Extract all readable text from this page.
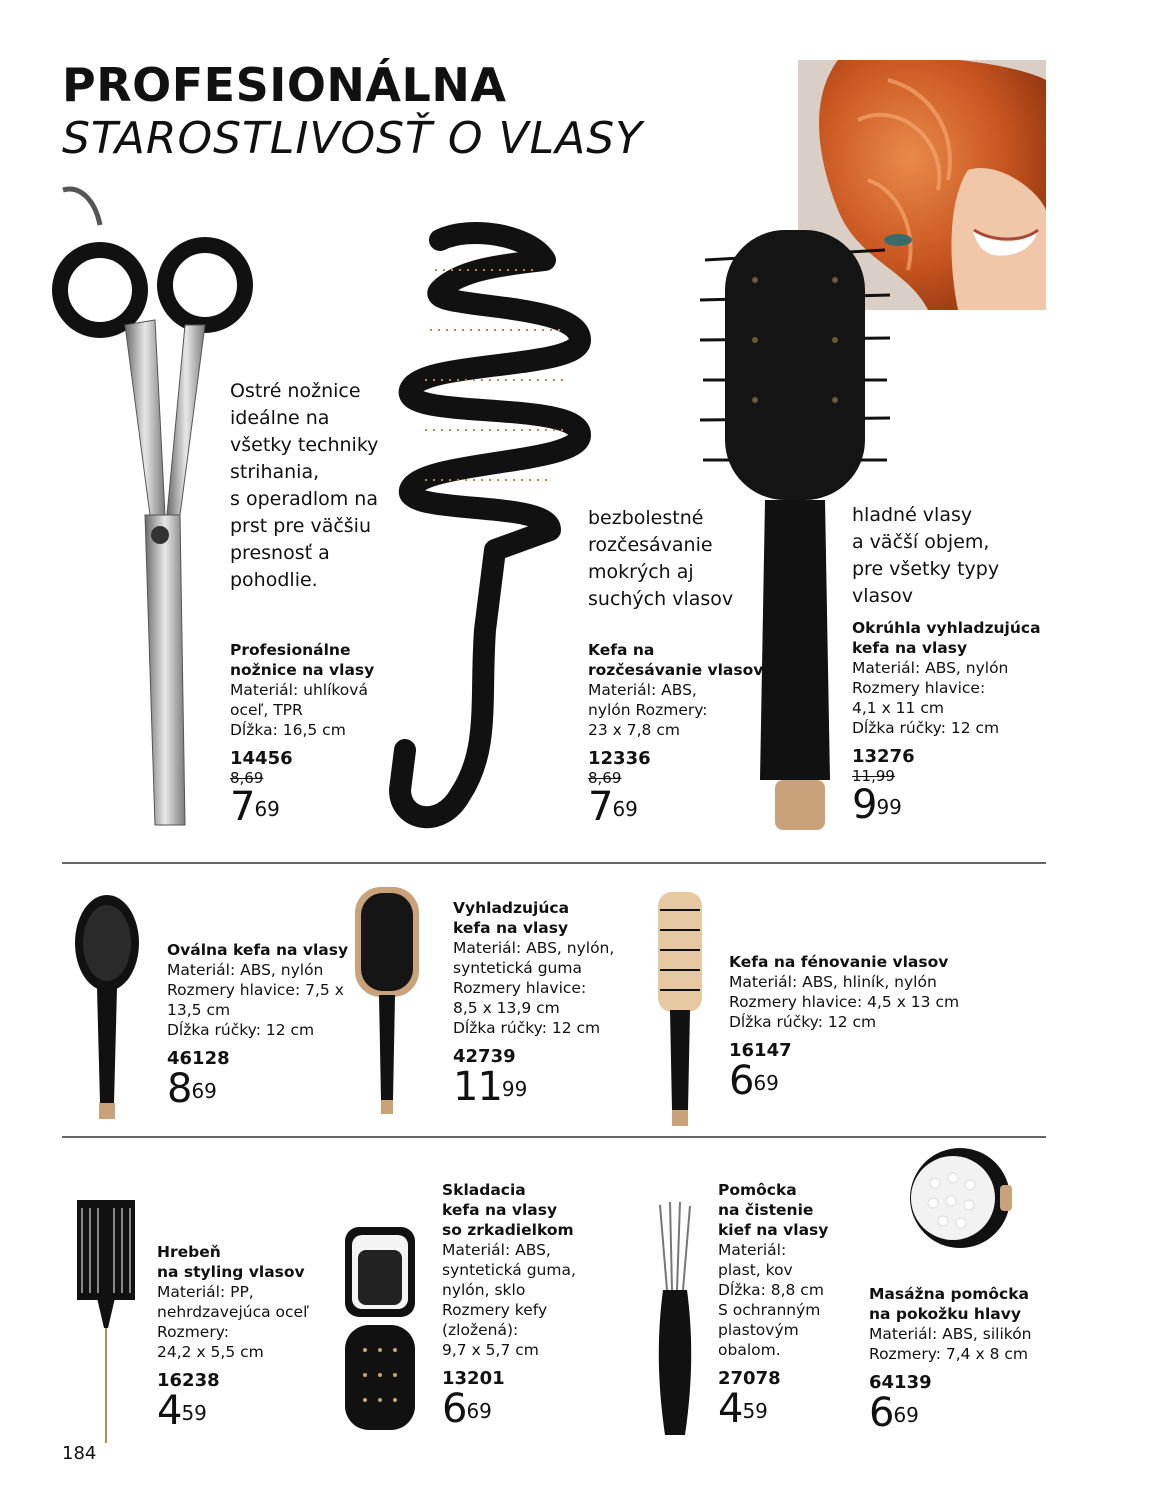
PROFESIONÁLNA
STAROSTLIVOSŤ O VLASY
Ostré nožnice
ideálne na
všetky techniky
strihania,
s operadlom na
prst pre väčšiu
presnosť a
pohodlie.
Profesionálne
nožnice na vlasy
Materiál: uhlíková
oceľ, TPR
Dĺžka: 16,5 cm
14456
8,69
$7^{69}$
bezbolestné
rozčesávanie
mokrých aj
suchých vlasov
Kefa na
rozčesávanie vlasov
Materiál: ABS,
nylón Rozmery:
23 x 7,8 cm
12336
8,69
$7^{69}$
hladné vlasy
a väčší objem,
pre všetky typy
vlasov
Okrúhla vyhladzujúca
kefa na vlasy
Materiál: ABS, nylón
Rozmery hlavice:
4,1 x 11 cm
Dĺžka rúčky: 12 cm
13276
11,99
$9^{99}$
Oválna kefa na vlasy
Materiál: ABS, nylón
Rozmery hlavice: 7,5 x
13,5 cm
Dĺžka rúčky: 12 cm
46128
$8^{69}$
Vyhladzujúca
kefa na vlasy
Materiál: ABS, nylón,
syntetická guma
Rozmery hlavice:
8,5 x 13,9 cm
Dĺžka rúčky: 12 cm
42739
$11^{99}$
Kefa na fénovanie vlasov
Materiál: ABS, hliník, nylón
Rozmery hlavice: 4,5 x 13 cm
Dĺžka rúčky: 12 cm
16147
$6^{69}$
Hrebeň
na styling vlasov
Materiál: PP,
nehrdzavejúca oceľ
Rozmery:
24,2 x 5,5 cm
16238
$4^{59}$
Skladacia
kefa na vlasy
so zrkadielkom
Materiál: ABS,
syntetická guma,
nylón, sklo
Rozmery kefy
(zložená):
9,7 x 5,7 cm
13201
$6^{69}$
Pomôcka
na čistenie
kief na vlasy
Materiál:
plast, kov
Dĺžka: 8,8 cm
S ochranným
plastovým
obalom.
27078
$4^{59}$
Masážna pomôcka
na pokožku hlavy
Materiál: ABS, silikón
Rozmery: 7,4 x 8 cm
64139
$6^{69}$
184
